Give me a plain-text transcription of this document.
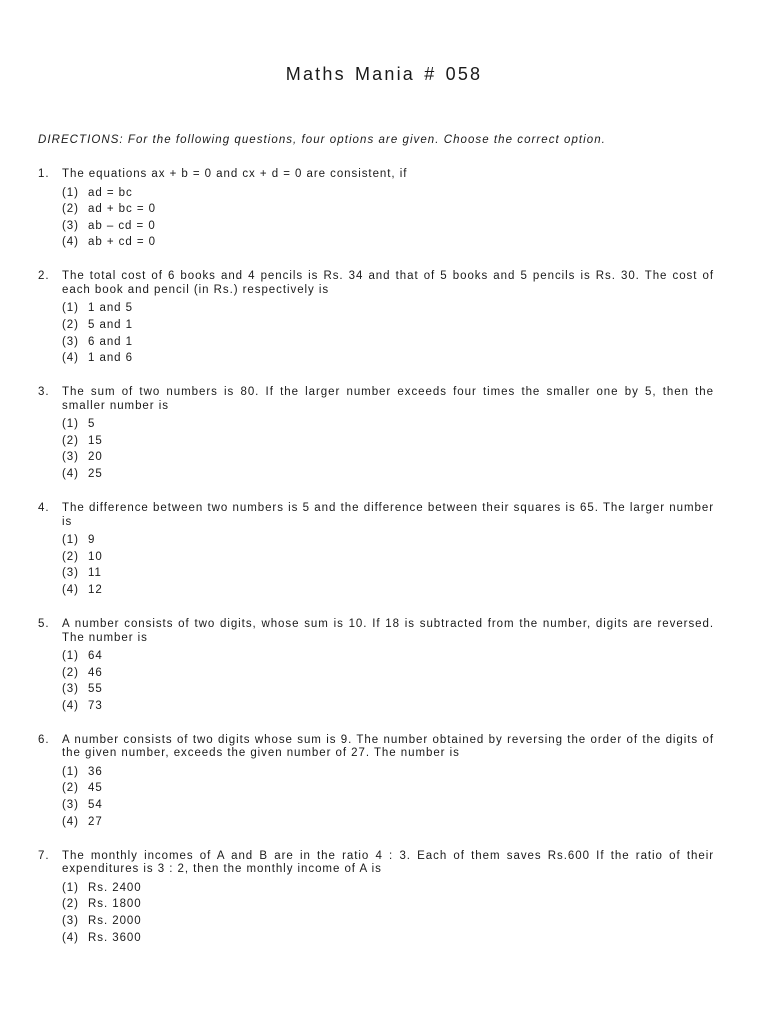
Maths Mania # 058
DIRECTIONS: For the following questions, four options are given. Choose the correct option.
1.	The equations ax + b = 0 and cx + d = 0 are consistent, if
(1) ad = bc
(2) ad + bc = 0
(3) ab – cd = 0
(4) ab + cd = 0
2.	The total cost of 6 books and 4 pencils is Rs. 34 and that of 5 books and 5 pencils is Rs. 30. The cost of each book and pencil (in Rs.) respectively is
(1) 1 and 5
(2) 5 and 1
(3) 6 and 1
(4) 1 and 6
3.	The sum of two numbers is 80. If the larger number exceeds four times the smaller one by 5, then the smaller number is
(1) 5
(2) 15
(3) 20
(4) 25
4.	The difference between two numbers is 5 and the difference between their squares is 65. The larger number is
(1) 9
(2) 10
(3) 11
(4) 12
5.	A number consists of two digits, whose sum is 10. If 18 is subtracted from the number, digits are reversed. The number is
(1) 64
(2) 46
(3) 55
(4) 73
6.	A number consists of two digits whose sum is 9. The number obtained by reversing the order of the digits of the given number, exceeds the given number of 27. The number is
(1) 36
(2) 45
(3) 54
(4) 27
7.	The monthly incomes of A and B are in the ratio 4 : 3. Each of them saves Rs.600 If the ratio of their expenditures is 3 : 2, then the monthly income of A is
(1) Rs. 2400
(2) Rs. 1800
(3) Rs. 2000
(4) Rs. 3600
